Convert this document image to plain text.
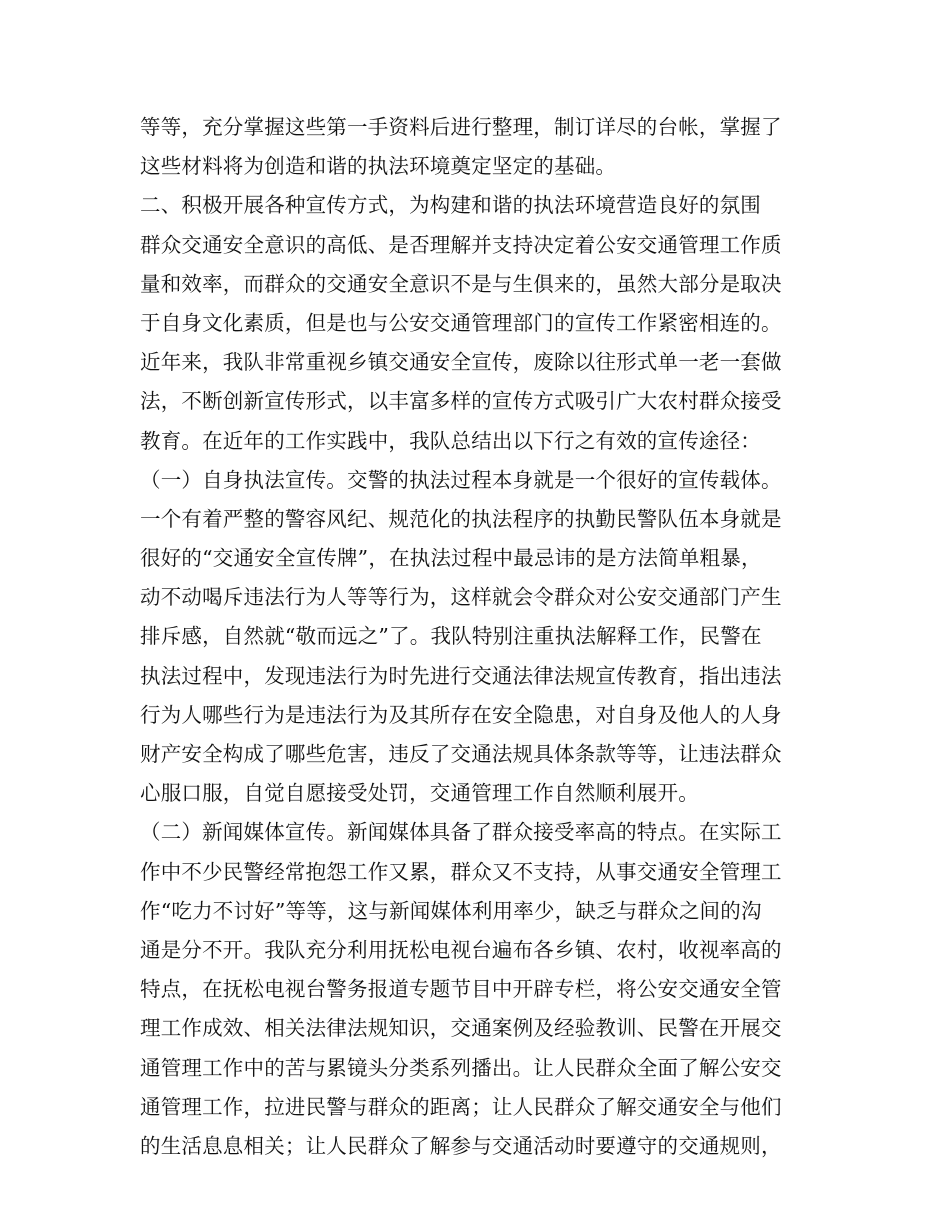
等等，充分掌握这些第一手资料后进行整理，制订详尽的台帐，掌握了
这些材料将为创造和谐的执法环境奠定坚定的基础。
二、积极开展各种宣传方式，为构建和谐的执法环境营造良好的氛围
群众交通安全意识的高低、是否理解并支持决定着公安交通管理工作质
量和效率，而群众的交通安全意识不是与生俱来的，虽然大部分是取决
于自身文化素质，但是也与公安交通管理部门的宣传工作紧密相连的。
近年来，我队非常重视乡镇交通安全宣传，废除以往形式单一老一套做
法，不断创新宣传形式，以丰富多样的宣传方式吸引广大农村群众接受
教育。在近年的工作实践中，我队总结出以下行之有效的宣传途径：
（一）自身执法宣传。交警的执法过程本身就是一个很好的宣传载体。
一个有着严整的警容风纪、规范化的执法程序的执勤民警队伍本身就是
很好的“交通安全宣传牌”，在执法过程中最忌讳的是方法简单粗暴，
动不动喝斥违法行为人等等行为，这样就会令群众对公安交通部门产生
排斥感，自然就“敬而远之”了。我队特别注重执法解释工作，民警在
执法过程中，发现违法行为时先进行交通法律法规宣传教育，指出违法
行为人哪些行为是违法行为及其所存在安全隐患，对自身及他人的人身
财产安全构成了哪些危害，违反了交通法规具体条款等等，让违法群众
心服口服，自觉自愿接受处罚，交通管理工作自然顺利展开。
（二）新闻媒体宣传。新闻媒体具备了群众接受率高的特点。在实际工
作中不少民警经常抱怨工作又累，群众又不支持，从事交通安全管理工
作“吃力不讨好”等等，这与新闻媒体利用率少，缺乏与群众之间的沟
通是分不开。我队充分利用抚松电视台遍布各乡镇、农村，收视率高的
特点，在抚松电视台警务报道专题节目中开辟专栏，将公安交通安全管
理工作成效、相关法律法规知识，交通案例及经验教训、民警在开展交
通管理工作中的苦与累镜头分类系列播出。让人民群众全面了解公安交
通管理工作，拉进民警与群众的距离；让人民群众了解交通安全与他们
的生活息息相关；让人民群众了解参与交通活动时要遵守的交通规则，
